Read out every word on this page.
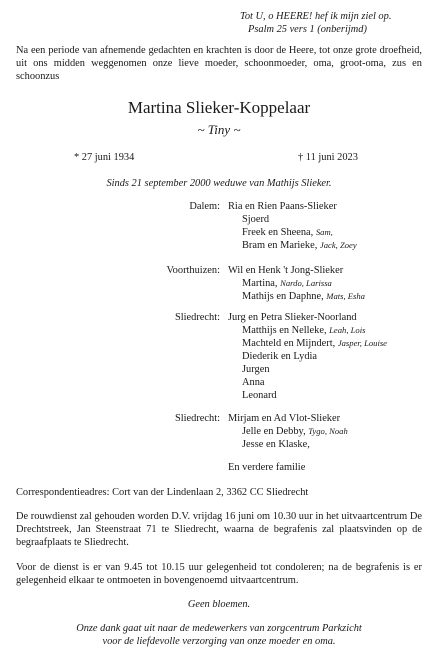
Tot U, o HEERE! hef ik mijn ziel op.
Psalm 25 vers 1 (onberijmd)
Na een periode van afnemende gedachten en krachten is door de Heere, tot onze grote droefheid, uit ons midden weggenomen onze lieve moeder, schoonmoeder, oma, groot-oma, zus en schoonzus
Martina Slieker-Koppelaar
~ Tiny ~
* 27 juni 1934	† 11 juni 2023
Sinds 21 september 2000 weduwe van Mathijs Slieker.
Dalem: Ria en Rien Paans-Slieker
Sjoerd
Freek en Sheena, Sam,
Bram en Marieke, Jack, Zoey
Voorthuizen: Wil en Henk 't Jong-Slieker
Martina, Nardo, Larissa
Mathijs en Daphne, Mats, Esha
Sliedrecht: Jurg en Petra Slieker-Noorland
Matthijs en Nelleke, Leah, Lois
Machteld en Mijndert, Jasper, Louise
Diederik en Lydia
Jurgen
Anna
Leonard
Sliedrecht: Mirjam en Ad Vlot-Slieker
Jelle en Debby, Tygo, Noah
Jesse en Klaske,
En verdere familie
Correspondentieadres: Cort van der Lindenlaan 2, 3362 CC Sliedrecht
De rouwdienst zal gehouden worden D.V. vrijdag 16 juni om 10.30 uur in het uitvaartcentrum De Drechtstreek, Jan Steenstraat 71 te Sliedrecht, waarna de begrafenis zal plaatsvinden op de begraafplaats te Sliedrecht.
Voor de dienst is er van 9.45 tot 10.15 uur gelegenheid tot condoleren; na de begrafenis is er gelegenheid elkaar te ontmoeten in bovengenoemd uitvaartcentrum.
Geen bloemen.
Onze dank gaat uit naar de medewerkers van zorgcentrum Parkzicht
voor de liefdevolle verzorging van onze moeder en oma.
